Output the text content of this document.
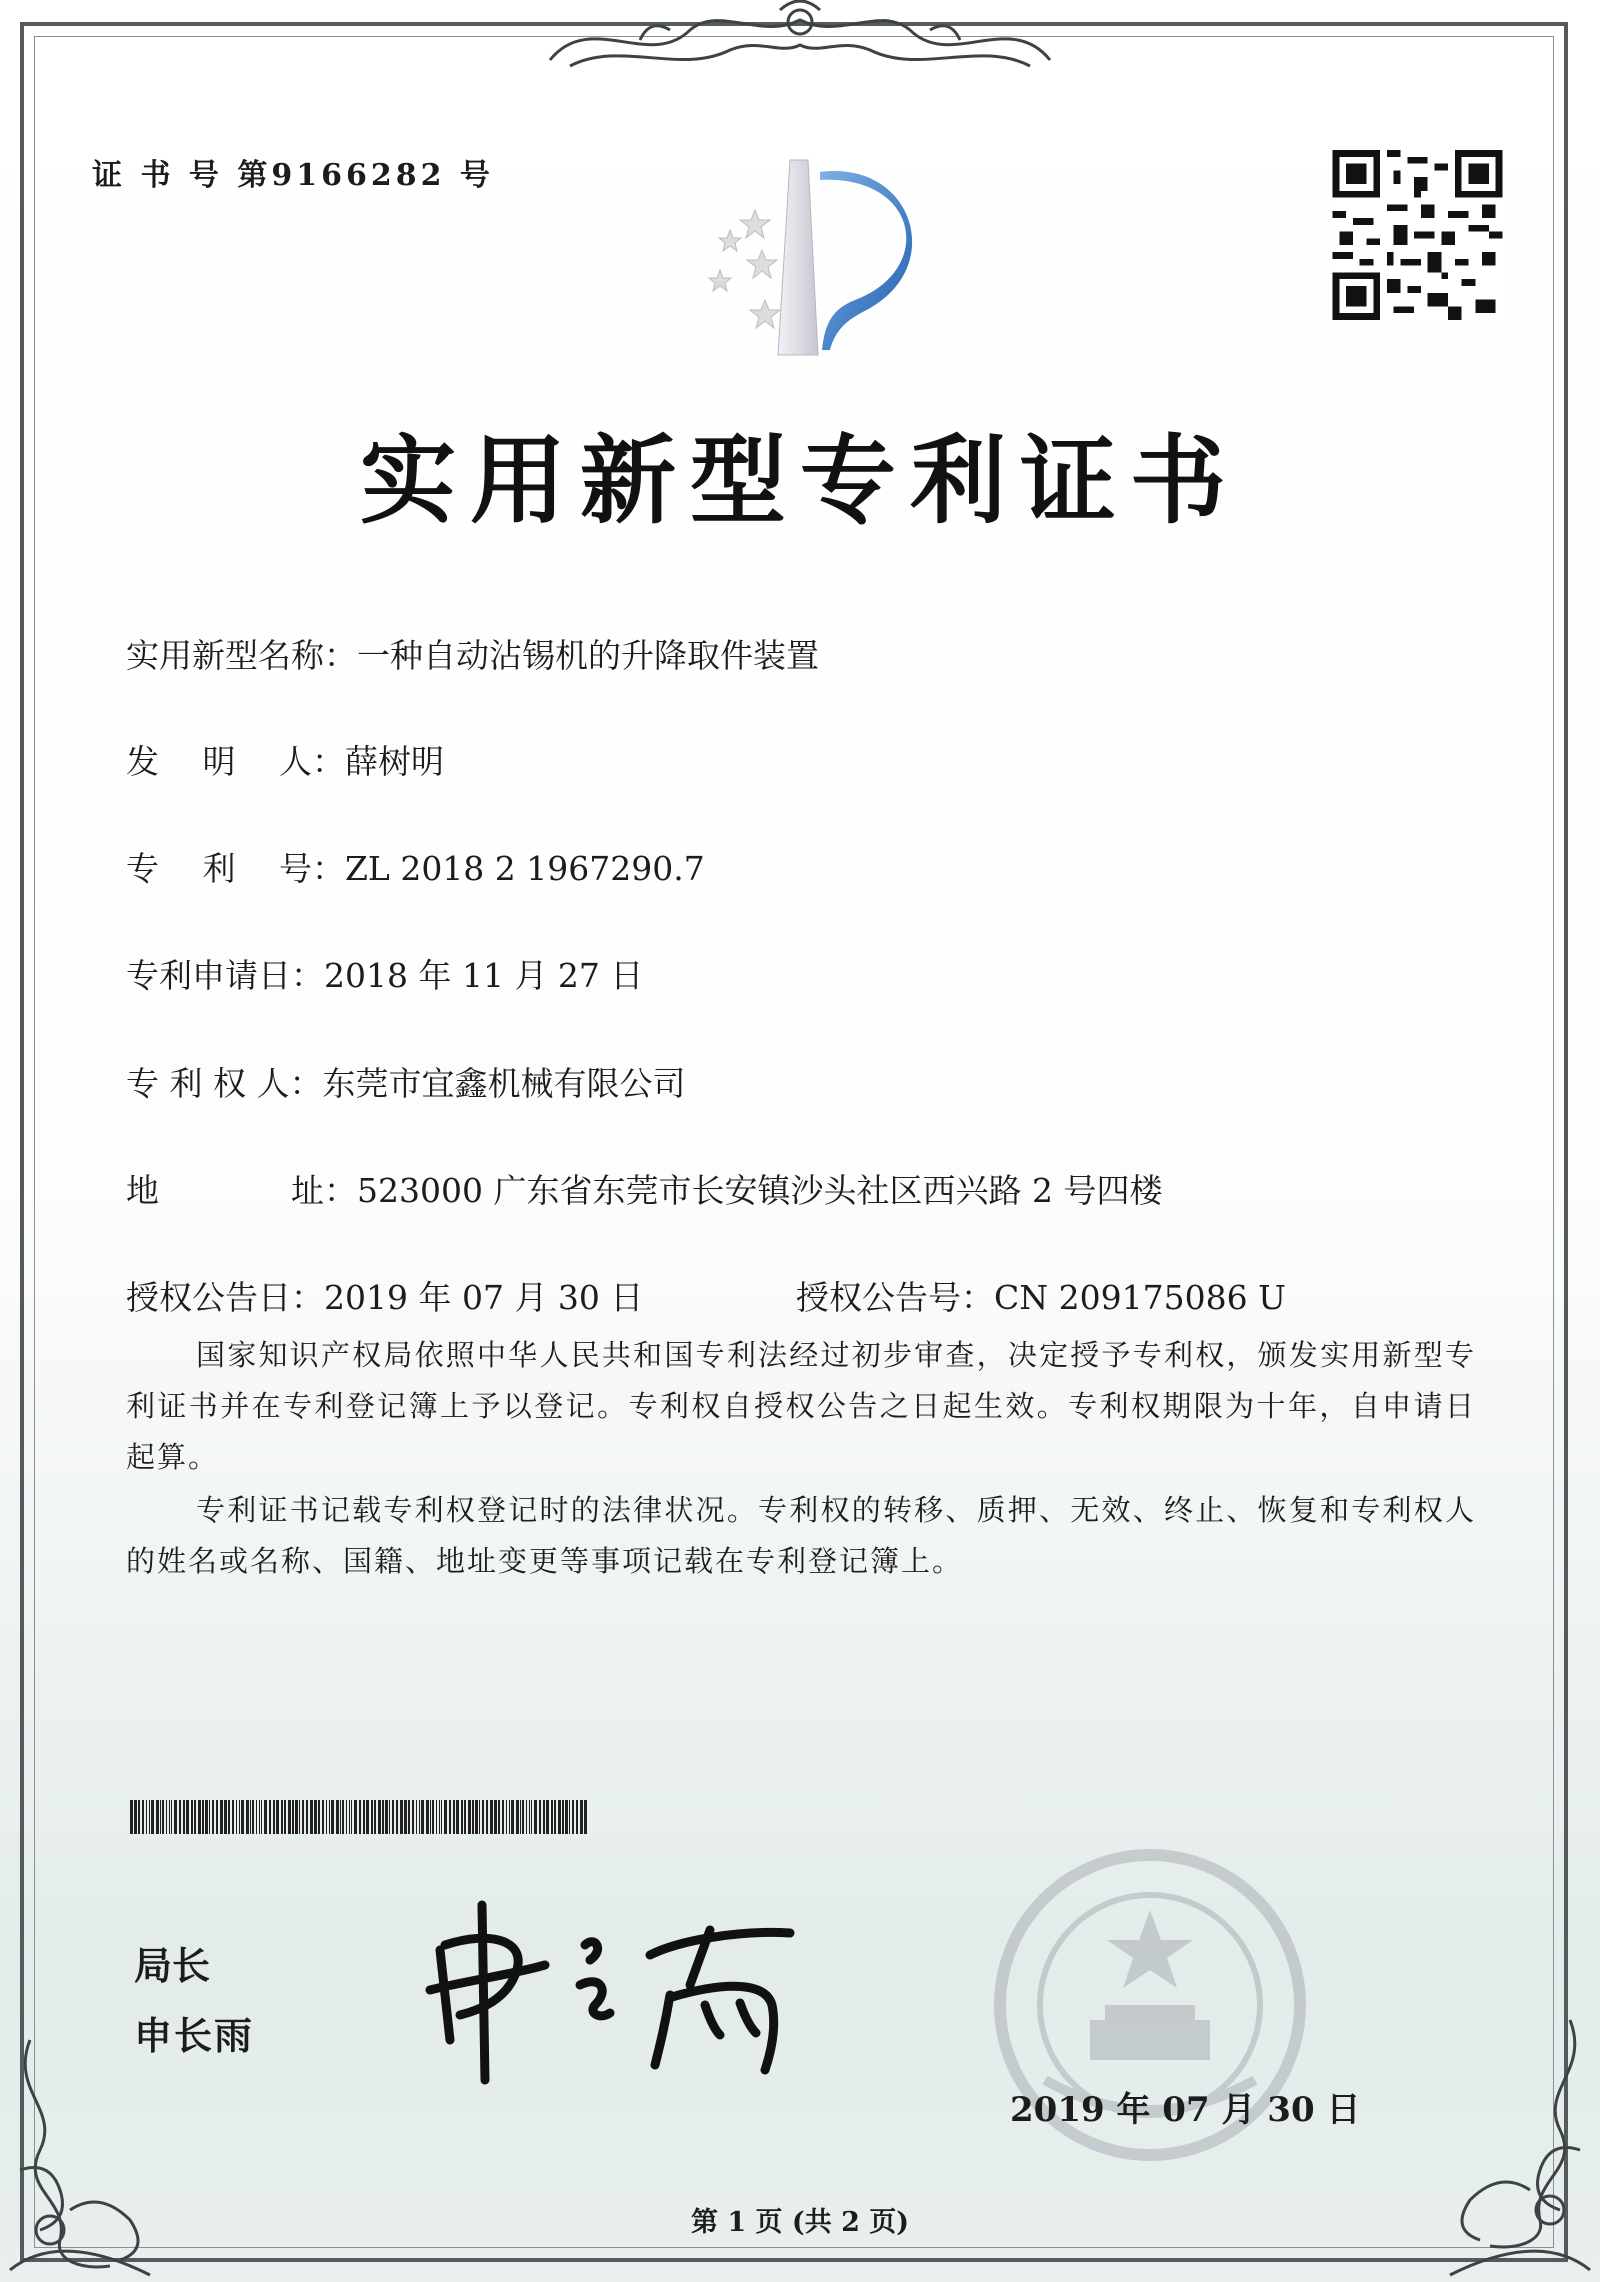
证 书 号 第9166282 号
实用新型专利证书
实用新型名称：一种自动沾锡机的升降取件装置
发　 明　 人：薛树明
专　 利　 号：ZL 2018 2 1967290.7
专利申请日：2018 年 11 月 27 日
专 利 权 人：东莞市宜鑫机械有限公司
地　　　　址：523000 广东省东莞市长安镇沙头社区西兴路 2 号四楼
授权公告日：2019 年 07 月 30 日	授权公告号：CN 209175086 U

国家知识产权局依照中华人民共和国专利法经过初步审查，决定授予专利权，颁发实用新型专利证书并在专利登记簿上予以登记。专利权自授权公告之日起生效。专利权期限为十年，自申请日起算。

专利证书记载专利权登记时的法律状况。专利权的转移、质押、无效、终止、恢复和专利权人的姓名或名称、国籍、地址变更等事项记载在专利登记簿上。

局长
申长雨
2019 年 07 月 30 日
第 1 页 (共 2 页)
